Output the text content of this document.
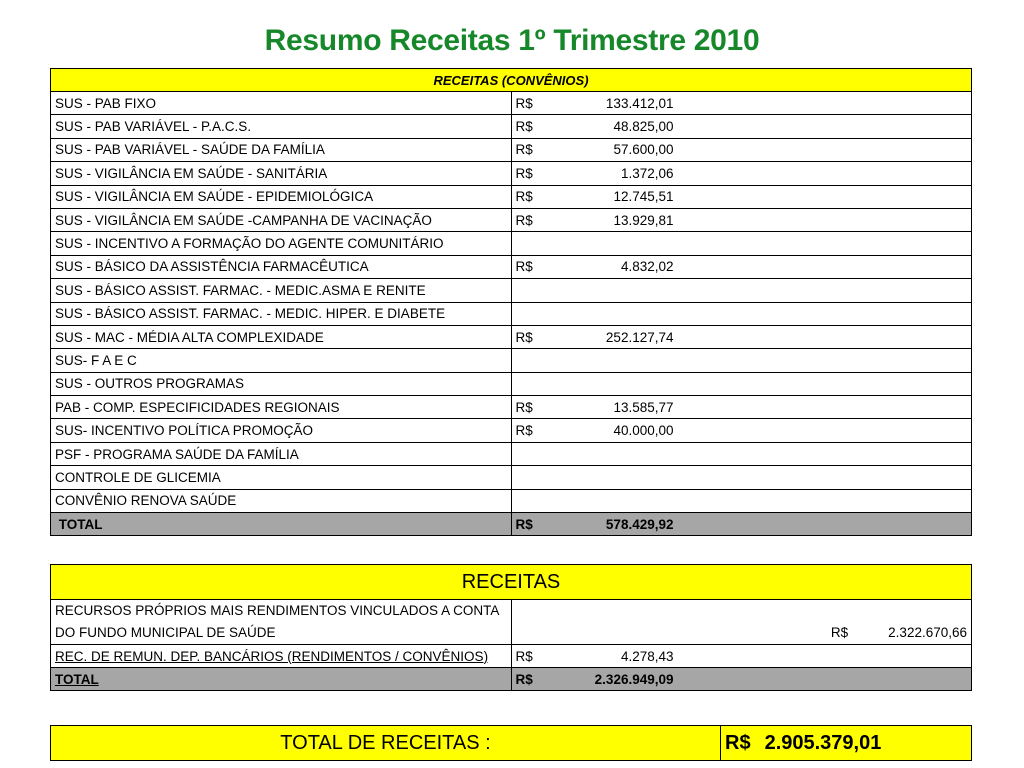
Resumo Receitas 1º Trimestre 2010
RECEITAS (CONVÊNIOS)	
SUS - PAB FIXO	R$ 133.412,01
SUS - PAB VARIÁVEL - P.A.C.S.	R$ 48.825,00
SUS - PAB VARIÁVEL - SAÚDE DA FAMÍLIA	R$ 57.600,00
SUS - VIGILÂNCIA EM SAÚDE - SANITÁRIA	R$ 1.372,06
SUS - VIGILÂNCIA EM SAÚDE - EPIDEMIOLÓGICA	R$ 12.745,51
SUS - VIGILÂNCIA EM SAÚDE -CAMPANHA DE VACINAÇÃO	R$ 13.929,81
SUS - INCENTIVO A FORMAÇÃO DO AGENTE COMUNITÁRIO	
SUS - BÁSICO DA ASSISTÊNCIA FARMACÊUTICA	R$ 4.832,02
SUS - BÁSICO ASSIST. FARMAC. - MEDIC.ASMA E RENITE	
SUS - BÁSICO ASSIST. FARMAC. - MEDIC. HIPER. E DIABETE	
SUS - MAC - MÉDIA ALTA COMPLEXIDADE	R$ 252.127,74
SUS- F A E C	
SUS - OUTROS PROGRAMAS	
PAB - COMP. ESPECIFICIDADES REGIONAIS	R$ 13.585,77
SUS- INCENTIVO POLÍTICA PROMOÇÃO	R$ 40.000,00
PSF - PROGRAMA SAÚDE DA FAMÍLIA	
CONTROLE DE GLICEMIA	
CONVÊNIO RENOVA SAÚDE	
TOTAL	R$ 578.429,92
RECEITAS	
RECURSOS PRÓPRIOS MAIS RENDIMENTOS VINCULADOS A CONTA DO FUNDO MUNICIPAL DE SAÚDE	R$ 2.322.670,66
REC. DE REMUN. DEP. BANCÁRIOS (RENDIMENTOS / CONVÊNIOS)	R$ 4.278,43
TOTAL	R$ 2.326.949,09
TOTAL DE RECEITAS :	R$ 2.905.379,01
